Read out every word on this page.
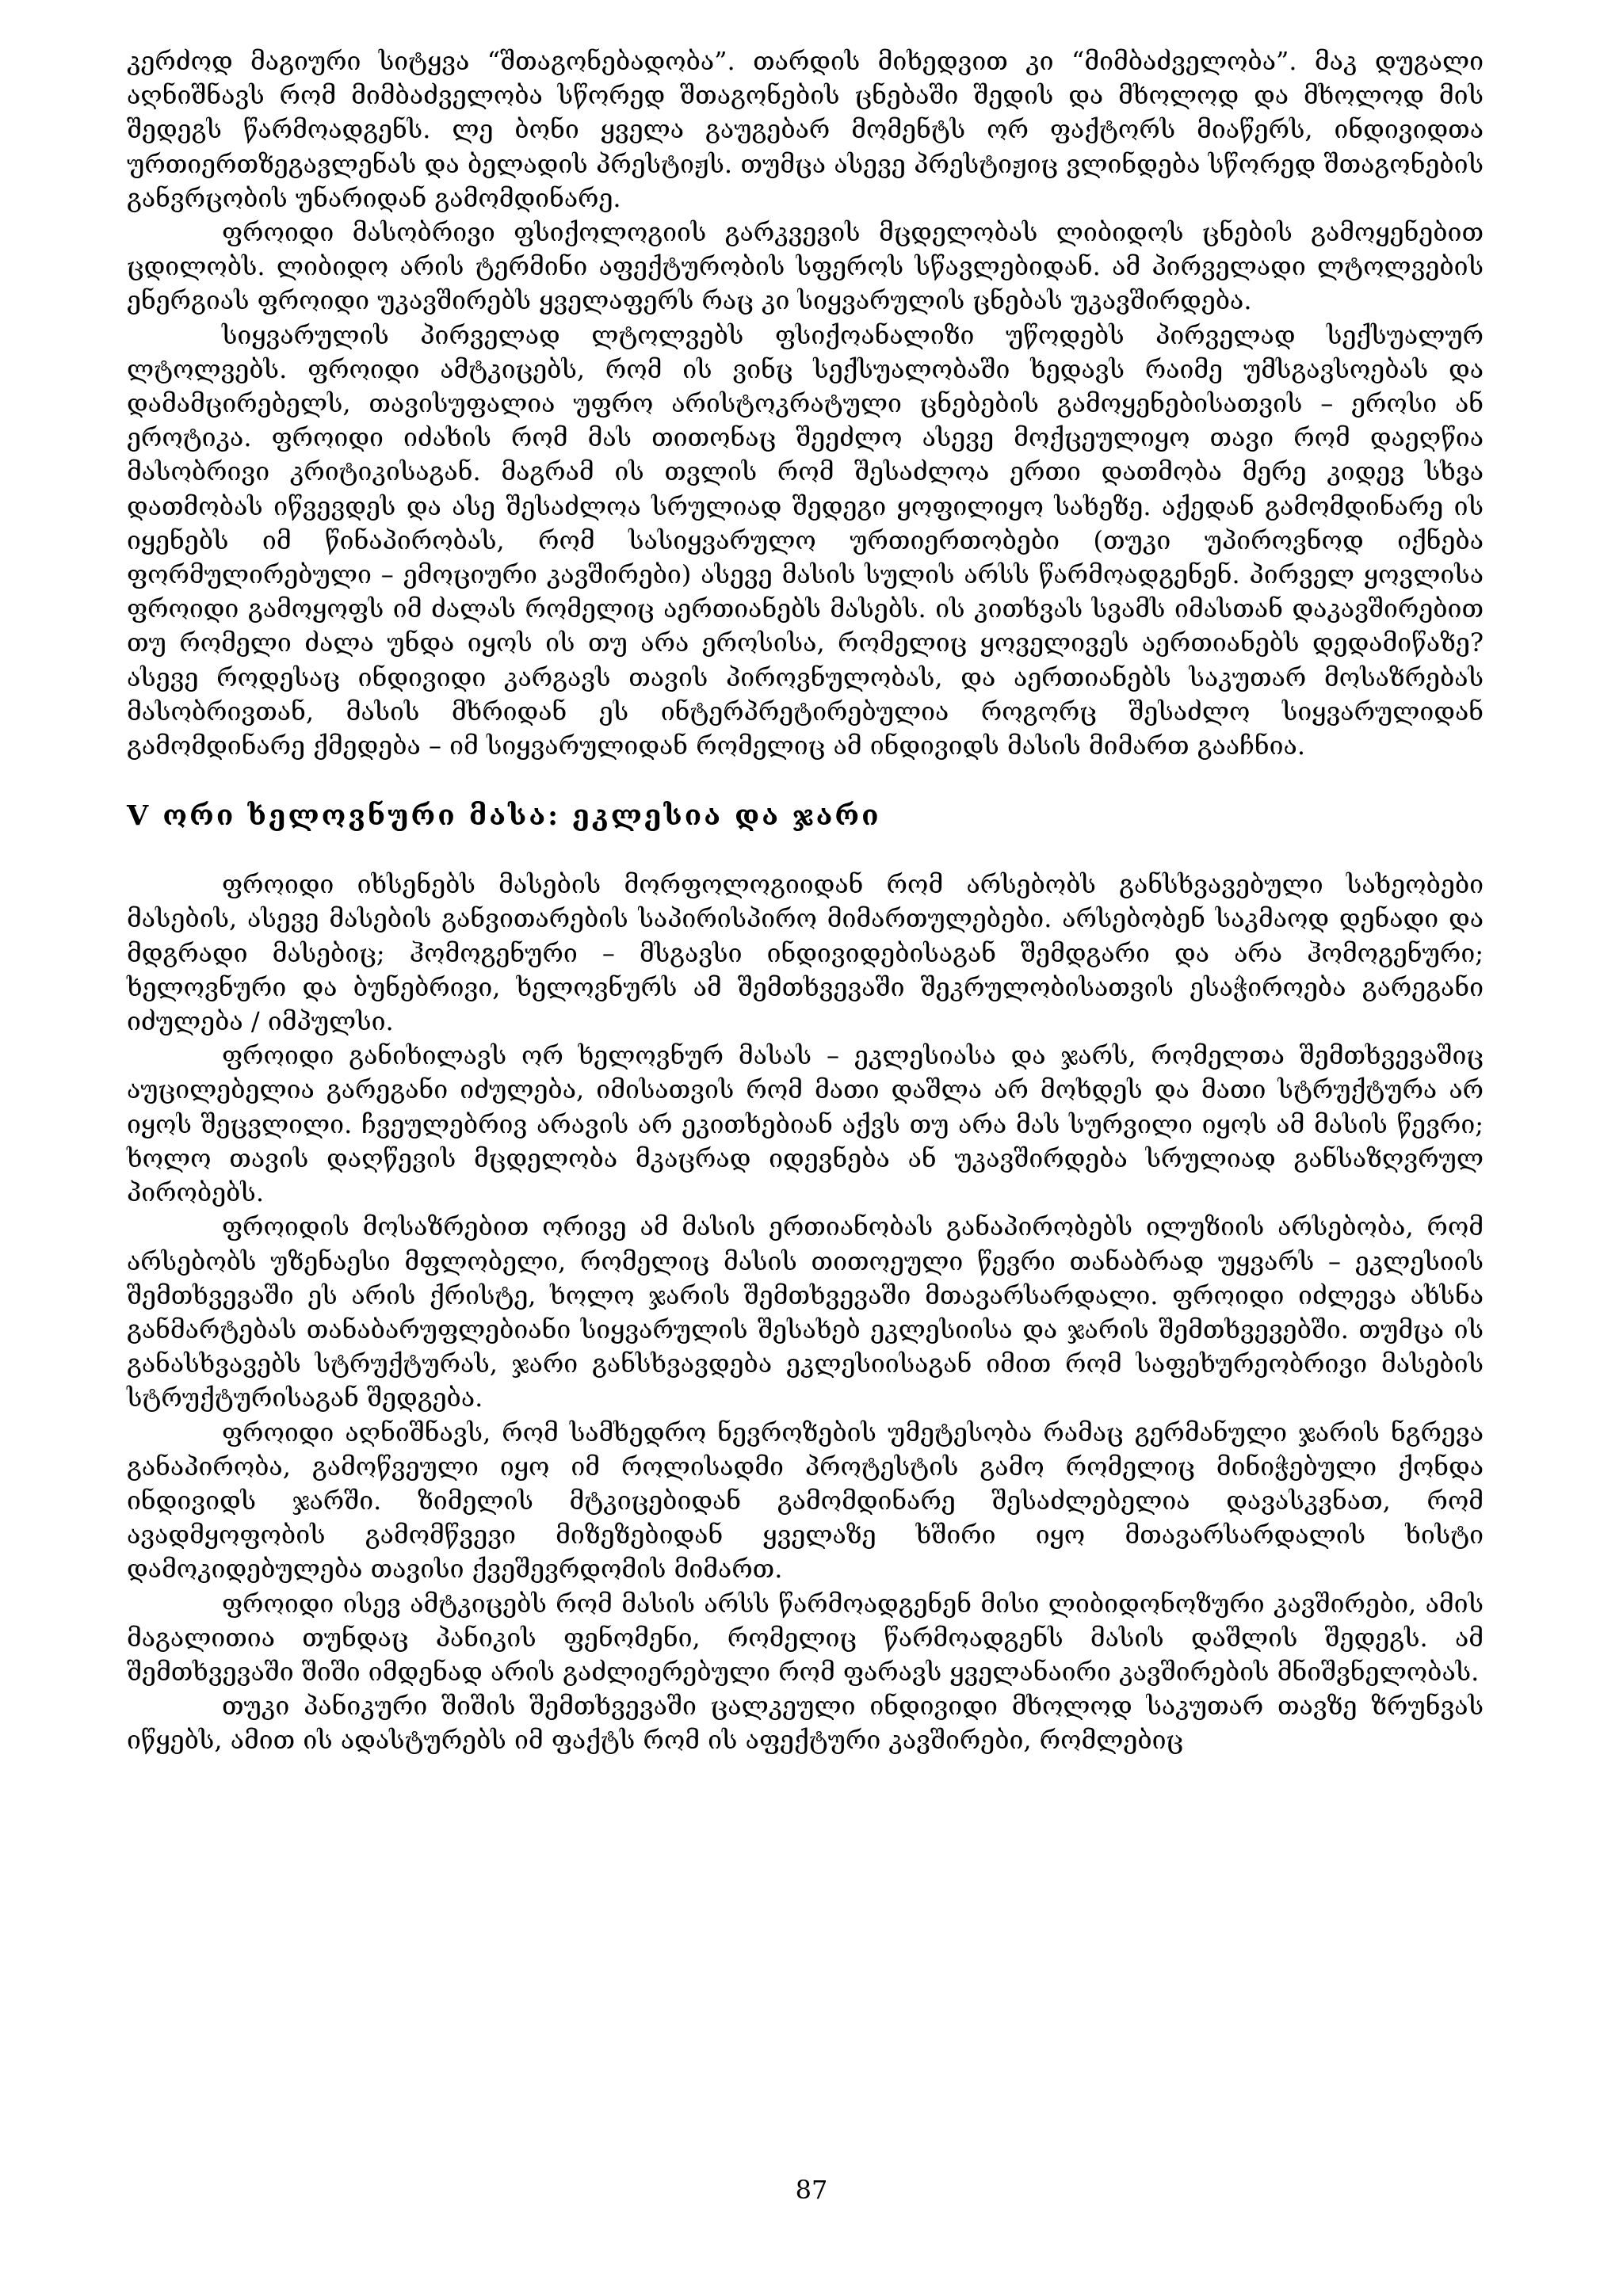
კერძოდ მაგიური სიტყვა “შთაგონებადობა”. თარდის მიხედვით კი “მიმბაძველობა”. მაკ დუგალი აღნიშნავს რომ მიმბაძველობა სწორედ შთაგონების ცნებაში შედის და მხოლოდ და მხოლოდ მის შედეგს წარმოადგენს. ლე ბონი ყველა გაუგებარ მომენტს ორ ფაქტორს მიაწერს, ინდივიდთა ურთიერთზეგავლენას და ბელადის პრესტიჟს. თუმცა ასევე პრესტიჟიც ვლინდება სწორედ შთაგონების განვრცობის უნარიდან გამომდინარე.

ფროიდი მასობრივი ფსიქოლოგიის გარკვევის მცდელობას ლიბიდოს ცნების გამოყენებით ცდილობს. ლიბიდო არის ტერმინი აფექტურობის სფეროს სწავლებიდან. ამ პირველადი ლტოლვების ენერგიას ფროიდი უკავშირებს ყველაფერს რაც კი სიყვარულის ცნებას უკავშირდება.

სიყვარულის პირველად ლტოლვებს ფსიქოანალიზი უწოდებს პირველად სექსუალურ ლტოლვებს. ფროიდი ამტკიცებს, რომ ის ვინც სექსუალობაში ხედავს რაიმე უმსგავსოებას და დამამცირებელს, თავისუფალია უფრო არისტოკრატული ცნებების გამოყენებისათვის – ეროსი ან ეროტიკა. ფროიდი იძახის რომ მას თითონაც შეეძლო ასევე მოქცეულიყო თავი რომ დაეღწია მასობრივი კრიტიკისაგან. მაგრამ ის თვლის რომ შესაძლოა ერთი დათმობა მერე კიდევ სხვა დათმობას იწვევდეს და ასე შესაძლოა სრულიად შედეგი ყოფილიყო სახეზე. აქედან გამომდინარე ის იყენებს იმ წინაპირობას, რომ სასიყვარულო ურთიერთობები (თუკი უპიროვნოდ იქნება ფორმულირებული – ემოციური კავშირები) ასევე მასის სულის არსს წარმოადგენენ. პირველ ყოვლისა ფროიდი გამოყოფს იმ ძალას რომელიც აერთიანებს მასებს. ის კითხვას სვამს იმასთან დაკავშირებით თუ რომელი ძალა უნდა იყოს ის თუ არა ეროსისა, რომელიც ყოველივეს აერთიანებს დედამიწაზე? ასევე როდესაც ინდივიდი კარგავს თავის პიროვნულობას, და აერთიანებს საკუთარ მოსაზრებას მასობრივთან, მასის მხრიდან ეს ინტერპრეტირებულია როგორც შესაძლო სიყვარულიდან გამომდინარე ქმედება – იმ სიყვარულიდან რომელიც ამ ინდივიდს მასის მიმართ გააჩნია.

V ორი ხელოვნური მასა: ეკლესია და ჯარი

ფროიდი იხსენებს მასების მორფოლოგიიდან რომ არსებობს განსხვავებული სახეობები მასების, ასევე მასების განვითარების საპირისპირო მიმართულებები. არსებობენ საკმაოდ დენადი და მდგრადი მასებიც; ჰომოგენური – მსგავსი ინდივიდებისაგან შემდგარი და არა ჰომოგენური; ხელოვნური და ბუნებრივი, ხელოვნურს ამ შემთხვევაში შეკრულობისათვის ესაჭიროება გარეგანი იძულება / იმპულსი.

ფროიდი განიხილავს ორ ხელოვნურ მასას – ეკლესიასა და ჯარს, რომელთა შემთხვევაშიც აუცილებელია გარეგანი იძულება, იმისათვის რომ მათი დაშლა არ მოხდეს და მათი სტრუქტურა არ იყოს შეცვლილი. ჩვეულებრივ არავის არ ეკითხებიან აქვს თუ არა მას სურვილი იყოს ამ მასის წევრი; ხოლო თავის დაღწევის მცდელობა მკაცრად იდევნება ან უკავშირდება სრულიად განსაზღვრულ პირობებს.

ფროიდის მოსაზრებით ორივე ამ მასის ერთიანობას განაპირობებს ილუზიის არსებობა, რომ არსებობს უზენაესი მფლობელი, რომელიც მასის თითოეული წევრი თანაბრად უყვარს – ეკლესიის შემთხვევაში ეს არის ქრისტე, ხოლო ჯარის შემთხვევაში მთავარსარდალი. ფროიდი იძლევა ახსნა განმარტებას თანაბარუფლებიანი სიყვარულის შესახებ ეკლესიისა და ჯარის შემთხვევებში. თუმცა ის განასხვავებს სტრუქტურას, ჯარი განსხვავდება ეკლესიისაგან იმით რომ საფეხურეობრივი მასების სტრუქტურისაგან შედგება.

ფროიდი აღნიშნავს, რომ სამხედრო ნევროზების უმეტესობა რამაც გერმანული ჯარის ნგრევა განაპირობა, გამოწვეული იყო იმ როლისადმი პროტესტის გამო რომელიც მინიჭებული ქონდა ინდივიდს ჯარში. ზიმელის მტკიცებიდან გამომდინარე შესაძლებელია დავასკვნათ, რომ ავადმყოფობის გამომწვევი მიზეზებიდან ყველაზე ხშირი იყო მთავარსარდალის ხისტი დამოკიდებულება თავისი ქვეშევრდომის მიმართ.

ფროიდი ისევ ამტკიცებს რომ მასის არსს წარმოადგენენ მისი ლიბიდონოზური კავშირები, ამის მაგალითია თუნდაც პანიკის ფენომენი, რომელიც წარმოადგენს მასის დაშლის შედეგს. ამ შემთხვევაში შიში იმდენად არის გაძლიერებული რომ ფარავს ყველანაირი კავშირების მნიშვნელობას.

თუკი პანიკური შიშის შემთხვევაში ცალკეული ინდივიდი მხოლოდ საკუთარ თავზე ზრუნვას იწყებს, ამით ის ადასტურებს იმ ფაქტს რომ ის აფექტური კავშირები, რომლებიც

87
